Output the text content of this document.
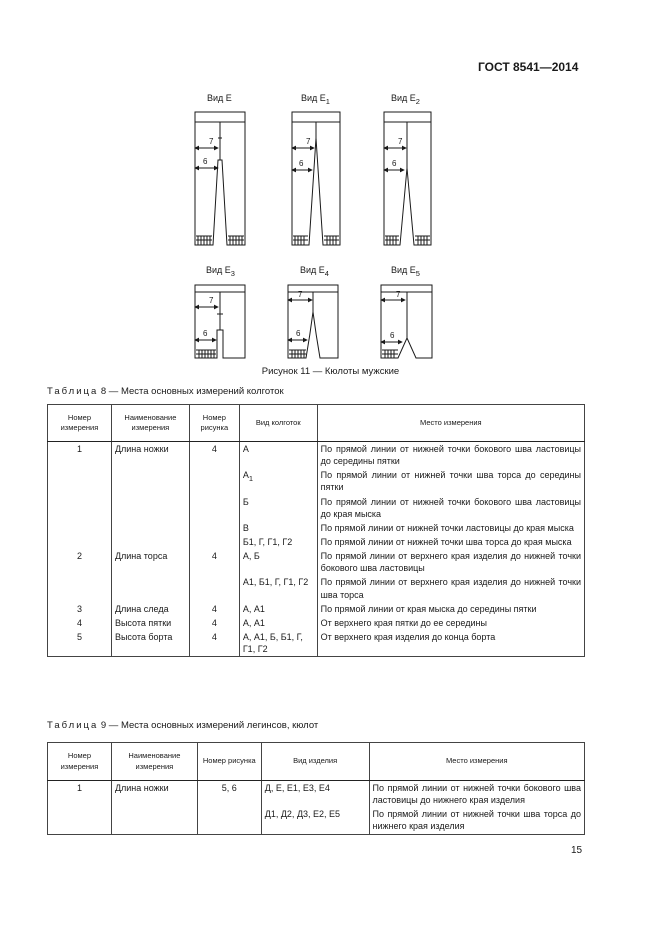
ГОСТ 8541—2014
Вид Е	Вид $Е_1$	Вид $Е_2$
Вид $Е_3$	Вид $Е_4$	Вид $Е_5$
7
6
7
6
7
6
7
6
7
6
7
6
Рисунок 11 — Кюлоты мужские
Таблица 8 — Места основных измерений колготок
Номер измерения	Наименование измерения	Номер рисунка	Вид колготок	Место измерения
1	Длина ножки	4	А	По прямой линии от нижней точки бокового шва ластовицы до середины пятки
			$А_1$	По прямой линии от нижней точки шва торса до середины пятки
			Б	По прямой линии от нижней точки бокового шва ластовицы до края мыска
			В	По прямой линии от нижней точки ластовицы до края мыска
			Б1, Г, Г1, Г2	По прямой линии от нижней точки шва торса до края мыска
2	Длина торса	4	А, Б	По прямой линии от верхнего края изделия до нижней точки бокового шва ластовицы
			А1, Б1, Г, Г1, Г2	По прямой линии от верхнего края изделия до нижней точки шва торса
3	Длина следа	4	А, А1	По прямой линии от края мыска до середины пятки
4	Высота пятки	4	А, А1	От верхнего края пятки до ее середины
5	Высота борта	4	А, А1, Б, Б1, Г, Г1, Г2	От верхнего края изделия до конца борта
Таблица 9 — Места основных измерений легинсов, кюлот
Номер измерения	Наименование измерения	Номер рисунка	Вид изделия	Место измерения
1	Длина ножки	5, 6	Д, Е, Е1, Е3, Е4	По прямой линии от нижней точки бокового шва ластовицы до нижнего края изделия
			Д1, Д2, Д3, Е2, Е5	По прямой линии от нижней точки шва торса до нижнего края изделия
15
